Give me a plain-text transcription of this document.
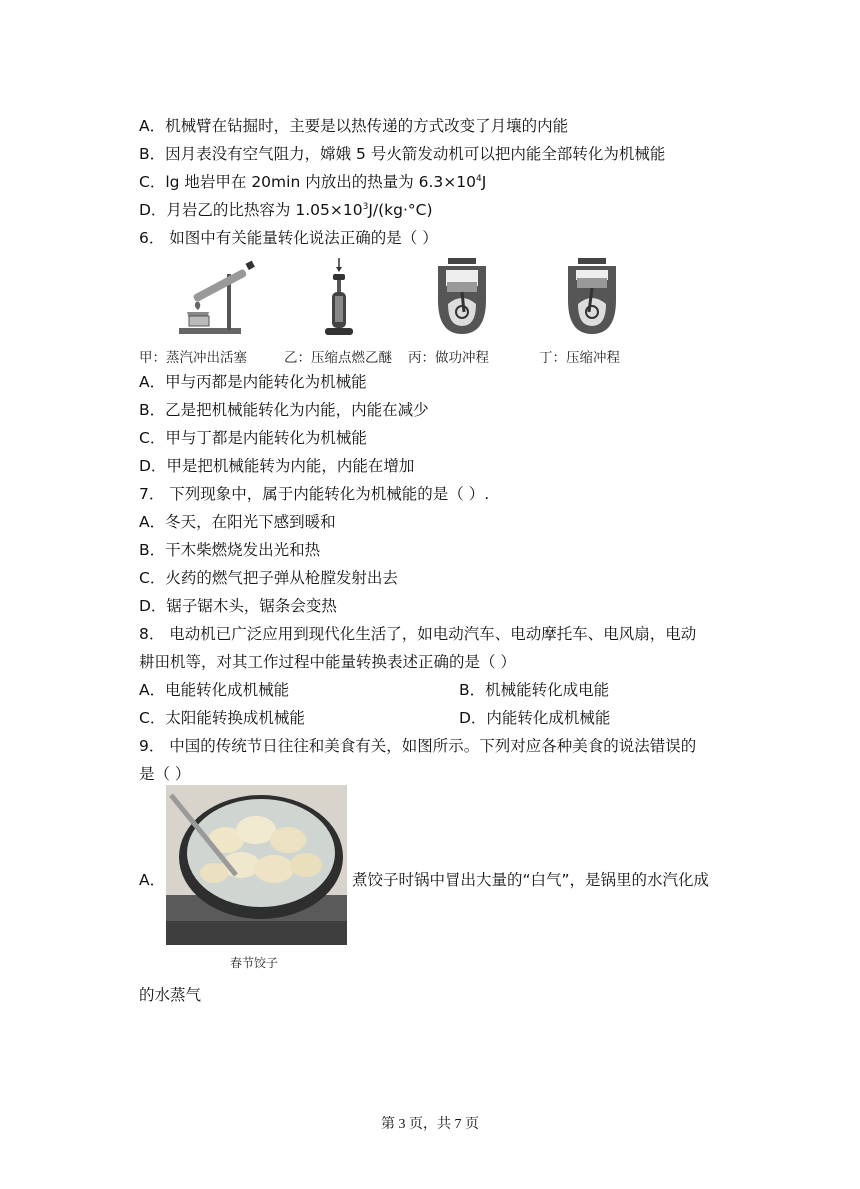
A．机械臂在钻掘时，主要是以热传递的方式改变了月壤的内能
B．因月表没有空气阻力，嫦娥 5 号火箭发动机可以把内能全部转化为机械能
C．lg 地岩甲在 20min 内放出的热量为 $6.3\times 10^4J$
D．月岩乙的比热容为 $1.05\times 10^3J/(kg\cdot^\circ C)$
6． 如图中有关能量转化说法正确的是（ ）
甲：蒸汽冲出活塞	乙：压缩点燃乙醚 丙：做功冲程	丁：压缩冲程
A．甲与丙都是内能转化为机械能
B．乙是把机械能转化为内能，内能在减少
C．甲与丁都是内能转化为机械能
D．甲是把机械能转为内能，内能在增加
7． 下列现象中，属于内能转化为机械能的是（ ）.
A．冬天，在阳光下感到暖和
B．干木柴燃烧发出光和热
C．火药的燃气把子弹从枪膛发射出去
D．锯子锯木头，锯条会变热
8． 电动机已广泛应用到现代化生活了，如电动汽车、电动摩托车、电风扇，电动
耕田机等，对其工作过程中能量转换表述正确的是（ ）
A．电能转化成机械能	B．机械能转化成电能
C．太阳能转换成机械能	D．内能转化成机械能
9． 中国的传统节日往往和美食有关，如图所示。下列对应各种美食的说法错误的
是（ ）
A．
春节饺子
煮饺子时锅中冒出大量的“白气”，是锅里的水汽化成
的水蒸气
第 3 页，共 7 页
